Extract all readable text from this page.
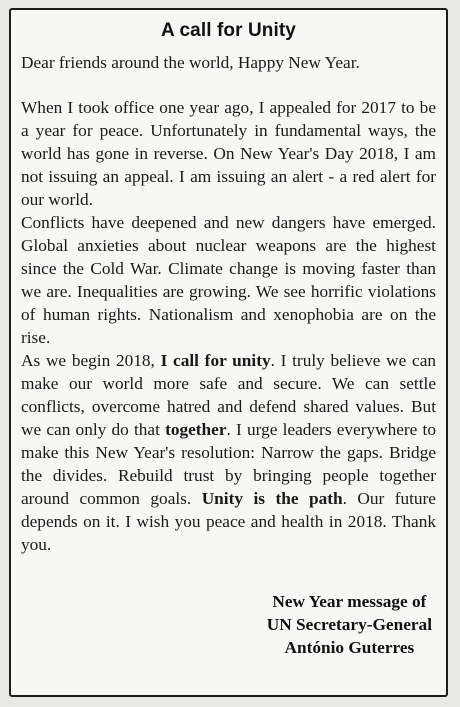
A call for Unity

Dear friends around the world, Happy New Year.

When I took office one year ago, I appealed for 2017 to be a year for peace. Unfortunately in fundamental ways, the world has gone in reverse. On New Year's Day 2018, I am not issuing an appeal. I am issuing an alert - a red alert for our world.

Conflicts have deepened and new dangers have emerged. Global anxieties about nuclear weapons are the highest since the Cold War. Climate change is moving faster than we are. Inequalities are growing. We see horrific violations of human rights. Nationalism and xenophobia are on the rise.

As we begin 2018, I call for unity. I truly believe we can make our world more safe and secure. We can settle conflicts, overcome hatred and defend shared values. But we can only do that together. I urge leaders everywhere to make this New Year's resolution: Narrow the gaps. Bridge the divides. Rebuild trust by bringing people together around common goals. Unity is the path. Our future depends on it. I wish you peace and health in 2018. Thank you.

New Year message of
UN Secretary-General
António Guterres
